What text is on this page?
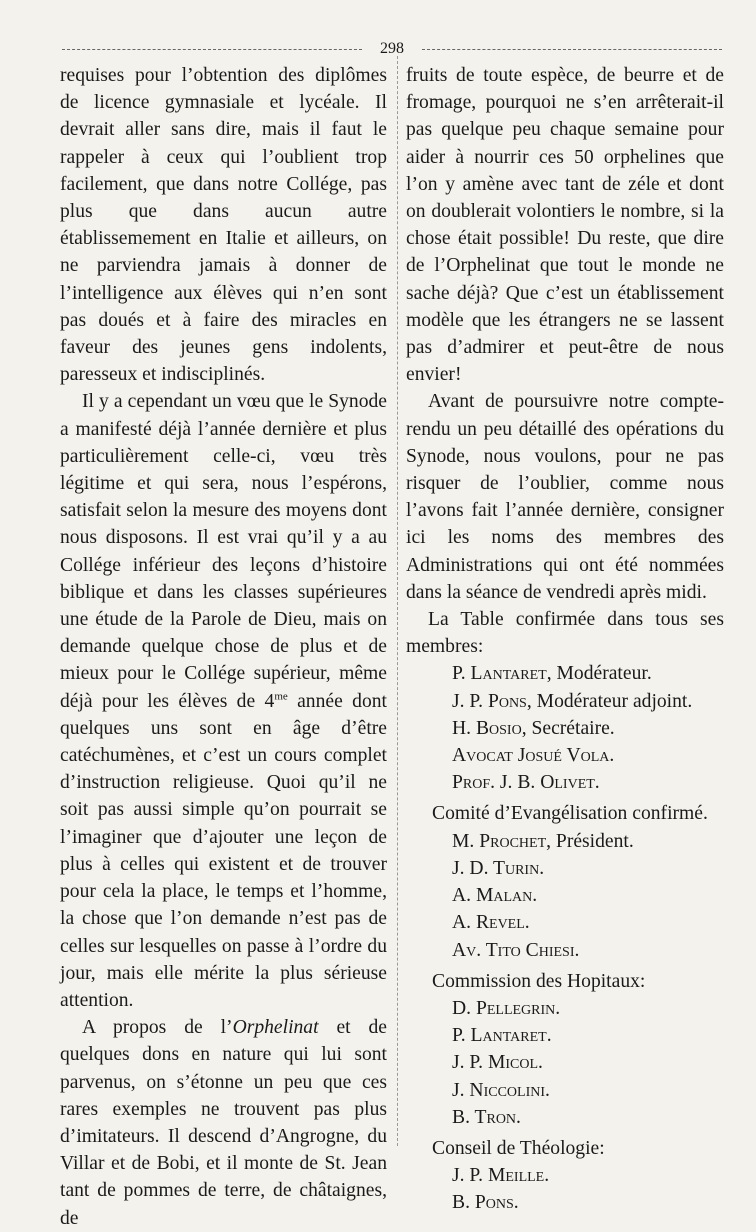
298

requises pour l’obtention des diplômes de licence gymnasiale et lycéale. Il devrait aller sans dire, mais il faut le rappeler à ceux qui l’oublient trop facilement, que dans notre Collége, pas plus que dans aucun autre établissemement en Italie et ailleurs, on ne parviendra jamais à donner de l’intelligence aux élèves qui n’en sont pas doués et à faire des miracles en faveur des jeunes gens indolents, paresseux et indisciplinés.

Il y a cependant un vœu que le Synode a manifesté déjà l’année dernière et plus particulièrement celle-ci, vœu très légitime et qui sera, nous l’espérons, satisfait selon la mesure des moyens dont nous disposons. Il est vrai qu’il y a au Collége inférieur des leçons d’histoire biblique et dans les classes supérieures une étude de la Parole de Dieu, mais on demande quelque chose de plus et de mieux pour le Collége supérieur, même déjà pour les élèves de $4^{me}$ année dont quelques uns sont en âge d’être catéchumènes, et c’est un cours complet d’instruction religieuse. Quoi qu’il ne soit pas aussi simple qu’on pourrait se l’imaginer que d’ajouter une leçon de plus à celles qui existent et de trouver pour cela la place, le temps et l’homme, la chose que l’on demande n’est pas de celles sur lesquelles on passe à l’ordre du jour, mais elle mérite la plus sérieuse attention.

A propos de l’Orphelinat et de quelques dons en nature qui lui sont parvenus, on s’étonne un peu que ces rares exemples ne trouvent pas plus d’imitateurs. Il descend d’Angrogne, du Villar et de Bobi, et il monte de St. Jean tant de pommes de terre, de châtaignes, de

fruits de toute espèce, de beurre et de fromage, pourquoi ne s’en arrêterait-il pas quelque peu chaque semaine pour aider à nourrir ces 50 orphelines que l’on y amène avec tant de zéle et dont on doublerait volontiers le nombre, si la chose était possible! Du reste, que dire de l’Orphelinat que tout le monde ne sache déjà? Que c’est un établissement modèle que les étrangers ne se lassent pas d’admirer et peut-être de nous envier!

Avant de poursuivre notre compte-rendu un peu détaillé des opérations du Synode, nous voulons, pour ne pas risquer de l’oublier, comme nous l’avons fait l’année dernière, consigner ici les noms des membres des Administrations qui ont été nommées dans la séance de vendredi après midi.

La Table confirmée dans tous ses membres:

P. Lantaret, Modérateur.
J. P. Pons, Modérateur adjoint.
H. Bosio, Secrétaire.
Avocat Josué Vola.
Prof. J. B. Olivet.
Comité d’Evangélisation confirmé.
M. Prochet, Président.
J. D. Turin.
A. Malan.
A. Revel.
Av. Tito Chiesi.
Commission des Hopitaux:
D. Pellegrin.
P. Lantaret.
J. P. Micol.
J. Niccolini.
B. Tron.
Conseil de Théologie:
J. P. Meille.
B. Pons.
